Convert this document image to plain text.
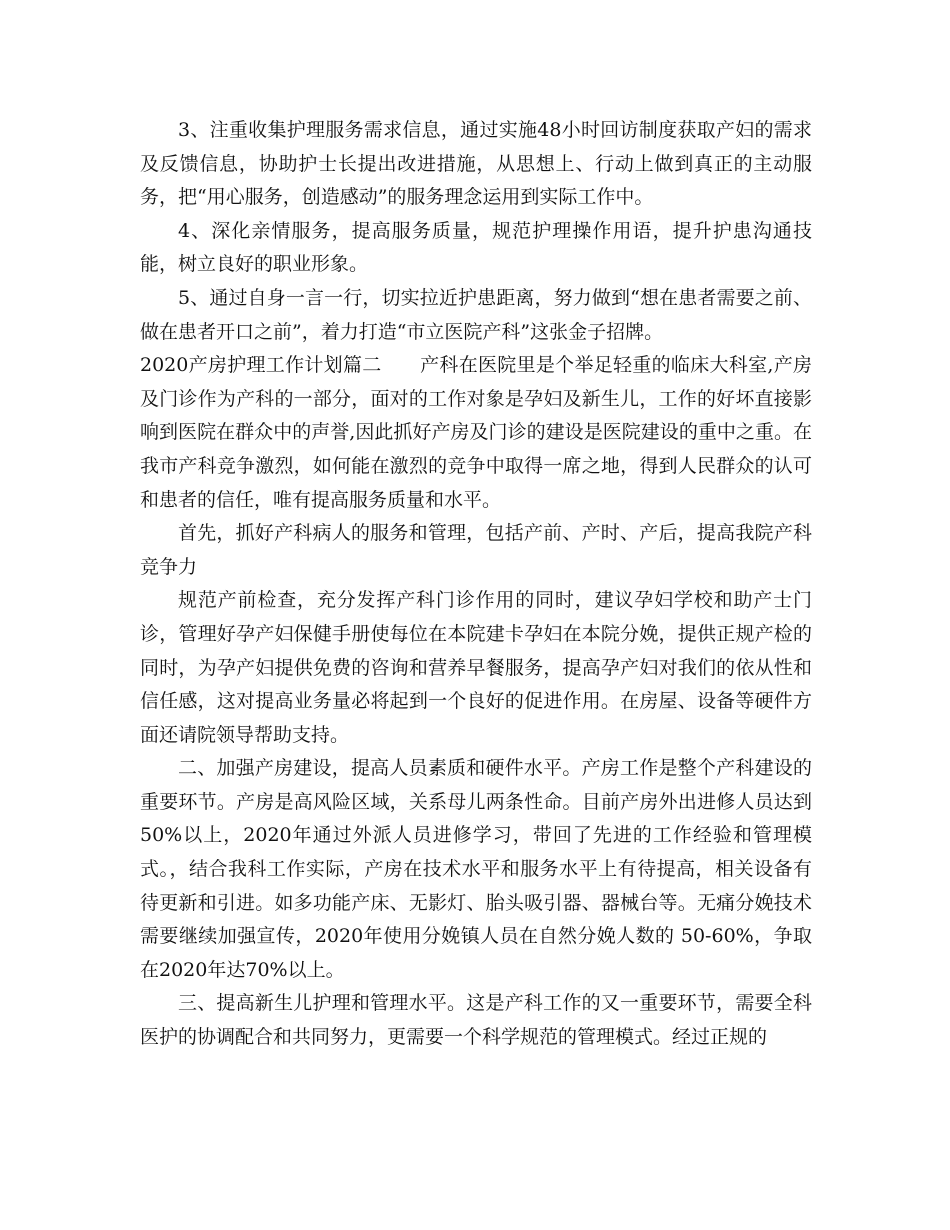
3、注重收集护理服务需求信息，通过实施48小时回访制度获取产妇的需求及反馈信息，协助护士长提出改进措施，从思想上、行动上做到真正的主动服务，把“用心服务，创造感动”的服务理念运用到实际工作中。

4、深化亲情服务，提高服务质量，规范护理操作用语，提升护患沟通技能，树立良好的职业形象。

5、通过自身一言一行，切实拉近护患距离，努力做到“想在患者需要之前、做在患者开口之前”，着力打造“市立医院产科”这张金子招牌。

2020产房护理工作计划篇二　　产科在医院里是个举足轻重的临床大科室,产房及门诊作为产科的一部分，面对的工作对象是孕妇及新生儿，工作的好坏直接影响到医院在群众中的声誉,因此抓好产房及门诊的建设是医院建设的重中之重。在我市产科竞争激烈，如何能在激烈的竞争中取得一席之地，得到人民群众的认可和患者的信任，唯有提高服务质量和水平。

首先，抓好产科病人的服务和管理，包括产前、产时、产后，提高我院产科竞争力

规范产前检查，充分发挥产科门诊作用的同时，建议孕妇学校和助产士门诊，管理好孕产妇保健手册使每位在本院建卡孕妇在本院分娩，提供正规产检的同时，为孕产妇提供免费的咨询和营养早餐服务，提高孕产妇对我们的依从性和信任感，这对提高业务量必将起到一个良好的促进作用。在房屋、设备等硬件方面还请院领导帮助支持。

二、加强产房建设，提高人员素质和硬件水平。产房工作是整个产科建设的重要环节。产房是高风险区域，关系母儿两条性命。目前产房外出进修人员达到 50%以上，2020年通过外派人员进修学习，带回了先进的工作经验和管理模式。，结合我科工作实际，产房在技术水平和服务水平上有待提高，相关设备有待更新和引进。如多功能产床、无影灯、胎头吸引器、器械台等。无痛分娩技术需要继续加强宣传，2020年使用分娩镇人员在自然分娩人数的 50-60%，争取在2020年达70%以上。

三、提高新生儿护理和管理水平。这是产科工作的又一重要环节，需要全科医护的协调配合和共同努力，更需要一个科学规范的管理模式。经过正规的
